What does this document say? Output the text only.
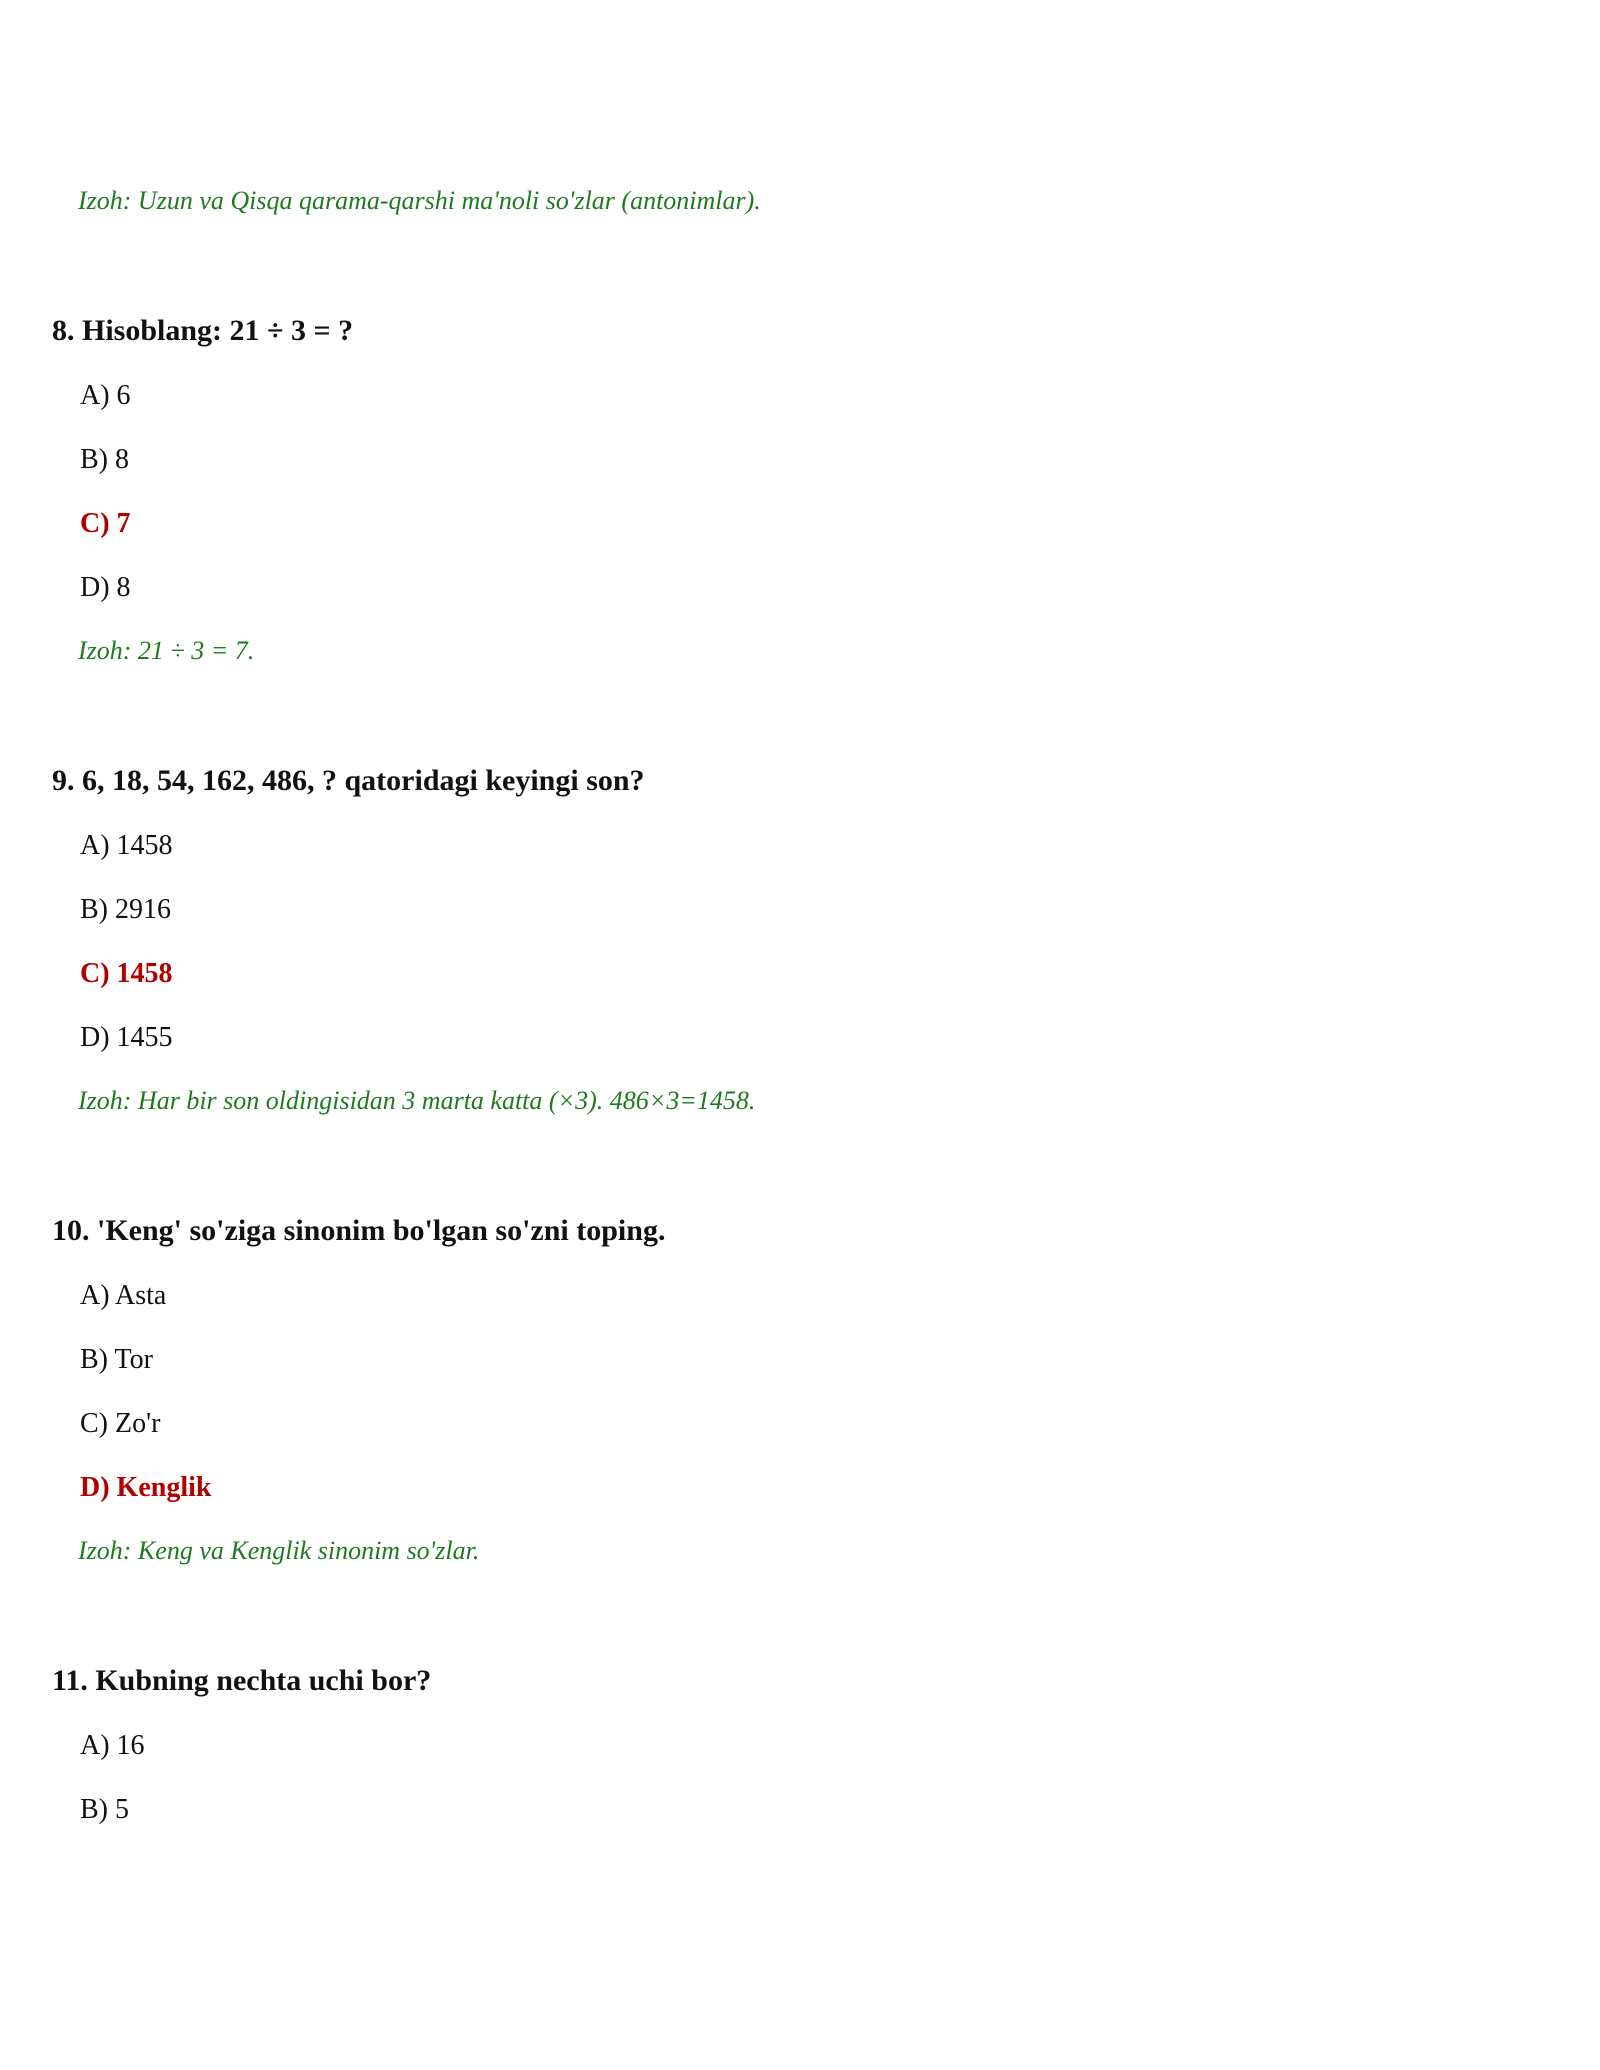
Izoh: Uzun va Qisqa qarama-qarshi ma'noli so'zlar (antonimlar).
8. Hisoblang: 21 ÷ 3 = ?
A) 6
B) 8
C) 7
D) 8
Izoh: 21 ÷ 3 = 7.
9. 6, 18, 54, 162, 486, ? qatoridagi keyingi son?
A) 1458
B) 2916
C) 1458
D) 1455
Izoh: Har bir son oldingisidan 3 marta katta (×3). 486×3=1458.
10. 'Keng' so'ziga sinonim bo'lgan so'zni toping.
A) Asta
B) Tor
C) Zo'r
D) Kenglik
Izoh: Keng va Kenglik sinonim so'zlar.
11. Kubning nechta uchi bor?
A) 16
B) 5
